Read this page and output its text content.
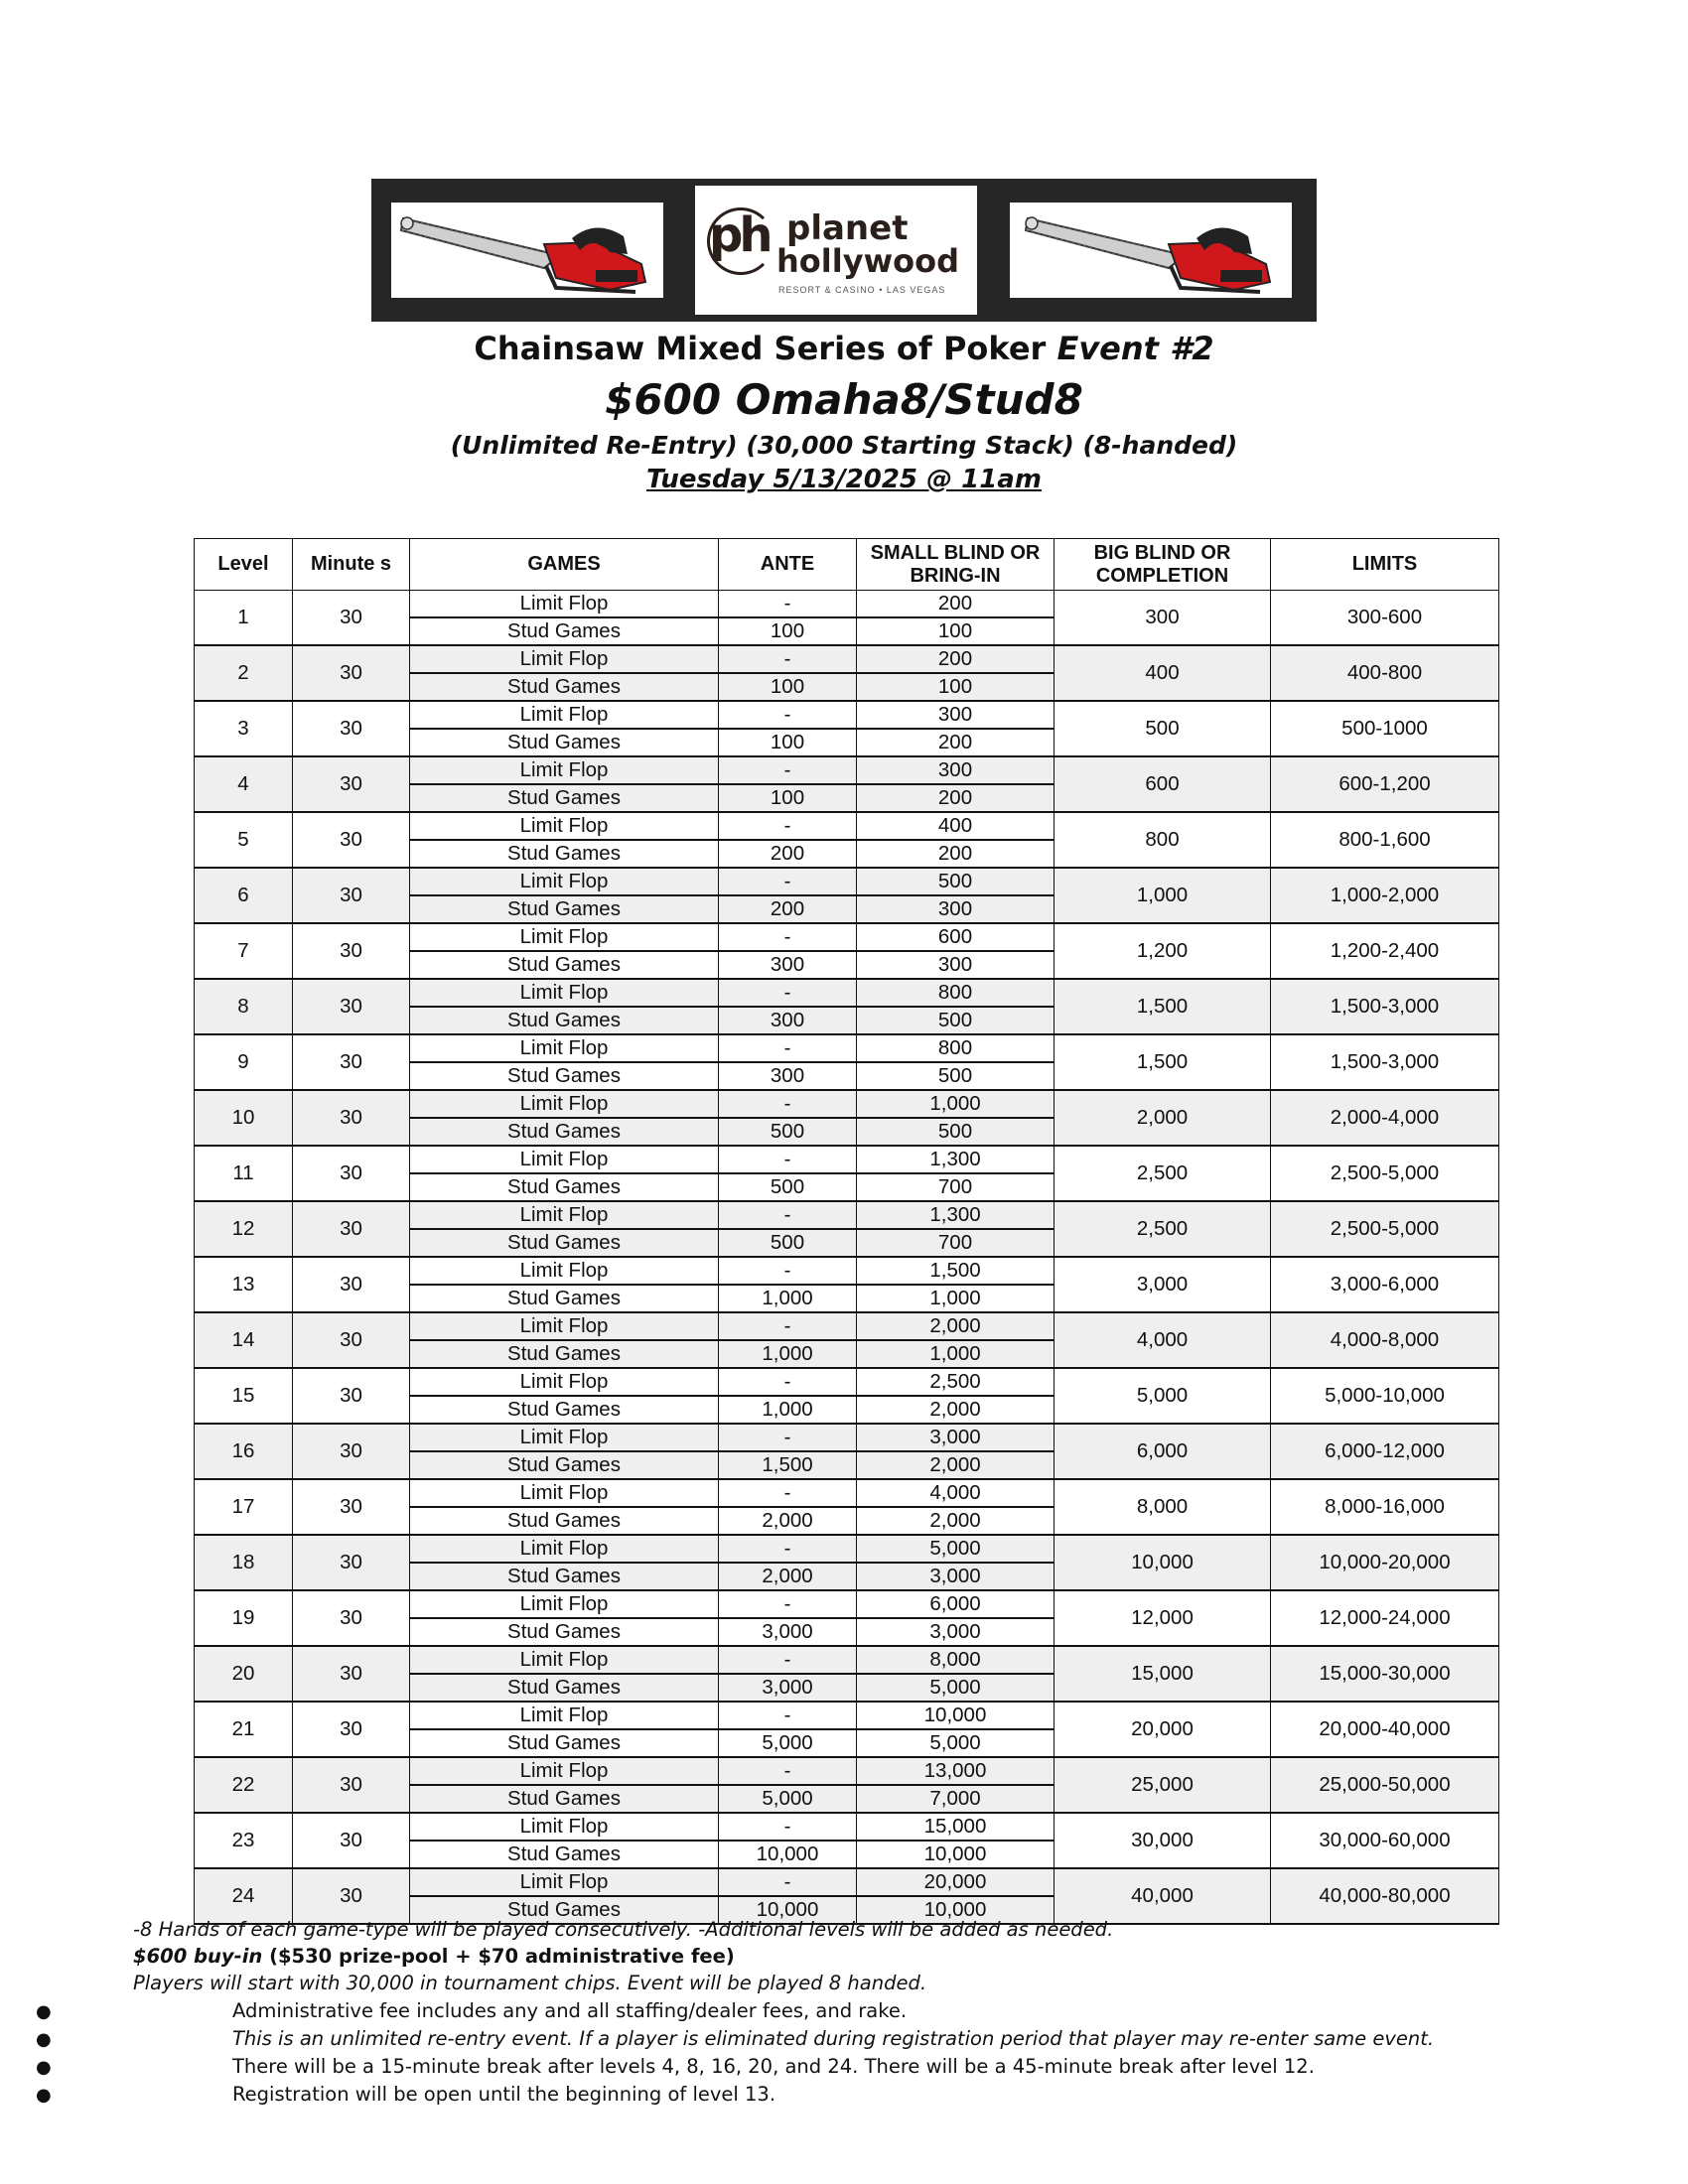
ph planet
hollywood
RESORT & CASINO • LAS VEGAS
Chainsaw Mixed Series of Poker Event #2
$600 Omaha8/Stud8
(Unlimited Re-Entry) (30,000 Starting Stack) (8-handed)
Tuesday 5/13/2025 @ 11am
Level	Minute s	GAMES	ANTE	SMALL BLIND OR BRING-IN	BIG BLIND OR COMPLETION	LIMITS
1	30	Limit Flop	-	200	300	300-600
		Stud Games	100	100		
2	30	Limit Flop	-	200	400	400-800
		Stud Games	100	100		
3	30	Limit Flop	-	300	500	500-1000
		Stud Games	100	200		
4	30	Limit Flop	-	300	600	600-1,200
		Stud Games	100	200		
5	30	Limit Flop	-	400	800	800-1,600
		Stud Games	200	200		
6	30	Limit Flop	-	500	1,000	1,000-2,000
		Stud Games	200	300		
7	30	Limit Flop	-	600	1,200	1,200-2,400
		Stud Games	300	300		
8	30	Limit Flop	-	800	1,500	1,500-3,000
		Stud Games	300	500		
9	30	Limit Flop	-	800	1,500	1,500-3,000
		Stud Games	300	500		
10	30	Limit Flop	-	1,000	2,000	2,000-4,000
		Stud Games	500	500		
11	30	Limit Flop	-	1,300	2,500	2,500-5,000
		Stud Games	500	700		
12	30	Limit Flop	-	1,300	2,500	2,500-5,000
		Stud Games	500	700		
13	30	Limit Flop	-	1,500	3,000	3,000-6,000
		Stud Games	1,000	1,000		
14	30	Limit Flop	-	2,000	4,000	4,000-8,000
		Stud Games	1,000	1,000		
15	30	Limit Flop	-	2,500	5,000	5,000-10,000
		Stud Games	1,000	2,000		
16	30	Limit Flop	-	3,000	6,000	6,000-12,000
		Stud Games	1,500	2,000		
17	30	Limit Flop	-	4,000	8,000	8,000-16,000
		Stud Games	2,000	2,000		
18	30	Limit Flop	-	5,000	10,000	10,000-20,000
		Stud Games	2,000	3,000		
19	30	Limit Flop	-	6,000	12,000	12,000-24,000
		Stud Games	3,000	3,000		
20	30	Limit Flop	-	8,000	15,000	15,000-30,000
		Stud Games	3,000	5,000		
21	30	Limit Flop	-	10,000	20,000	20,000-40,000
		Stud Games	5,000	5,000		
22	30	Limit Flop	-	13,000	25,000	25,000-50,000
		Stud Games	5,000	7,000		
23	30	Limit Flop	-	15,000	30,000	30,000-60,000
		Stud Games	10,000	10,000		
24	30	Limit Flop	-	20,000	40,000	40,000-80,000
		Stud Games	10,000	10,000		
-8 Hands of each game-type will be played consecutively. -Additional levels will be added as needed.
$600 buy-in ($530 prize-pool + $70 administrative fee)
Players will start with 30,000 in tournament chips. Event will be played 8 handed.
●	Administrative fee includes any and all staffing/dealer fees, and rake.
●	This is an unlimited re-entry event. If a player is eliminated during registration period that player may re-enter same event.
●	There will be a 15-minute break after levels 4, 8, 16, 20, and 24. There will be a 45-minute break after level 12.
●	Registration will be open until the beginning of level 13.
